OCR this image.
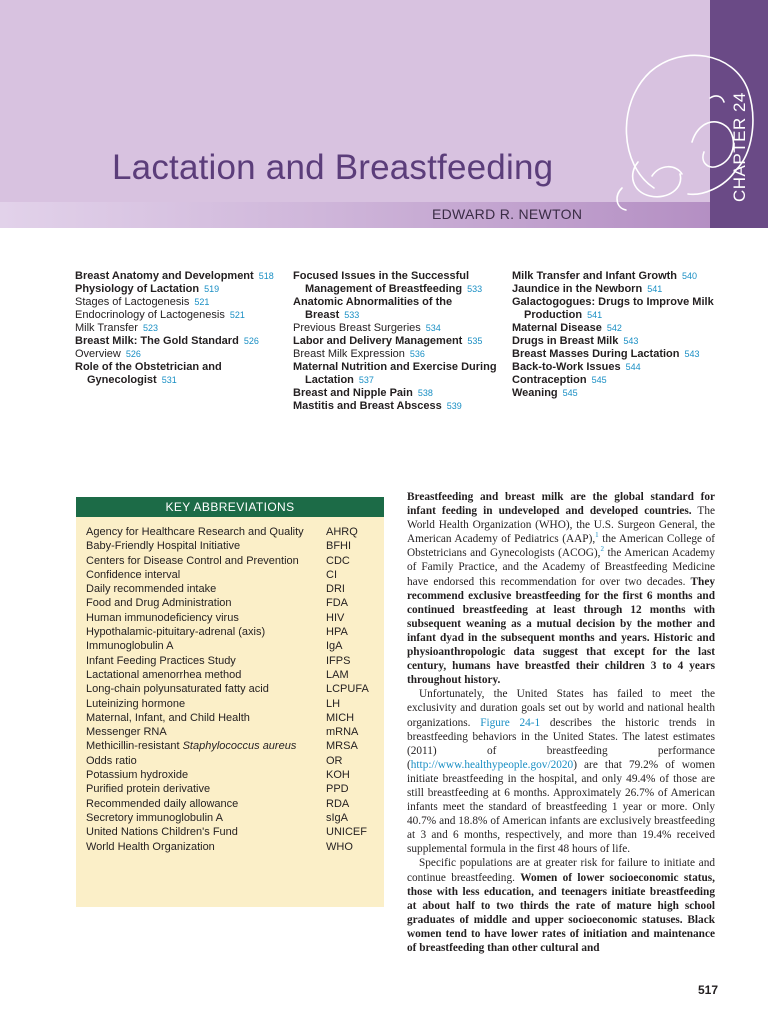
CHAPTER 24
Lactation and Breastfeeding
EDWARD R. NEWTON
Breast Anatomy and Development 518
Physiology of Lactation 519
Stages of Lactogenesis 521
Endocrinology of Lactogenesis 521
Milk Transfer 523
Breast Milk: The Gold Standard 526
Overview 526
Role of the Obstetrician and Gynecologist 531
Focused Issues in the Successful Management of Breastfeeding 533
Anatomic Abnormalities of the Breast 533
Previous Breast Surgeries 534
Labor and Delivery Management 535
Breast Milk Expression 536
Maternal Nutrition and Exercise During Lactation 537
Breast and Nipple Pain 538
Mastitis and Breast Abscess 539
Milk Transfer and Infant Growth 540
Jaundice in the Newborn 541
Galactogogues: Drugs to Improve Milk Production 541
Maternal Disease 542
Drugs in Breast Milk 543
Breast Masses During Lactation 543
Back-to-Work Issues 544
Contraception 545
Weaning 545
KEY ABBREVIATIONS
Agency for Healthcare Research and Quality	AHRQ
Baby-Friendly Hospital Initiative	BFHI
Centers for Disease Control and Prevention	CDC
Confidence interval	CI
Daily recommended intake	DRI
Food and Drug Administration	FDA
Human immunodeficiency virus	HIV
Hypothalamic-pituitary-adrenal (axis)	HPA
Immunoglobulin A	IgA
Infant Feeding Practices Study	IFPS
Lactational amenorrhea method	LAM
Long-chain polyunsaturated fatty acid	LCPUFA
Luteinizing hormone	LH
Maternal, Infant, and Child Health	MICH
Messenger RNA	mRNA
Methicillin-resistant Staphylococcus aureus	MRSA
Odds ratio	OR
Potassium hydroxide	KOH
Purified protein derivative	PPD
Recommended daily allowance	RDA
Secretory immunoglobulin A	sIgA
United Nations Children's Fund	UNICEF
World Health Organization	WHO

Breastfeeding and breast milk are the global standard for infant feeding in undeveloped and developed countries. The World Health Organization (WHO), the U.S. Surgeon General, the American Academy of Pediatrics (AAP),$^1$ the American College of Obstetricians and Gynecologists (ACOG),$^2$ the American Academy of Family Practice, and the Academy of Breastfeeding Medicine have endorsed this recommendation for over two decades. They recommend exclusive breastfeeding for the first 6 months and continued breastfeeding at least through 12 months with subsequent weaning as a mutual decision by the mother and infant dyad in the subsequent months and years. Historic and physioanthropologic data suggest that except for the last century, humans have breastfed their children 3 to 4 years throughout history.

Unfortunately, the United States has failed to meet the exclusivity and duration goals set out by world and national health organizations. Figure 24-1 describes the historic trends in breastfeeding behaviors in the United States. The latest estimates (2011) of breastfeeding performance (http://www.healthypeople.gov/2020) are that 79.2% of women initiate breastfeeding in the hospital, and only 49.4% of those are still breastfeeding at 6 months. Approximately 26.7% of American infants meet the standard of breastfeeding 1 year or more. Only 40.7% and 18.8% of American infants are exclusively breastfeeding at 3 and 6 months, respectively, and more than 19.4% received supplemental formula in the first 48 hours of life.

Specific populations are at greater risk for failure to initiate and continue breastfeeding. Women of lower socioeconomic status, those with less education, and teenagers initiate breastfeeding at about half to two thirds the rate of mature high school graduates of middle and upper socioeconomic statuses. Black women tend to have lower rates of initiation and maintenance of breastfeeding than other cultural and

517
